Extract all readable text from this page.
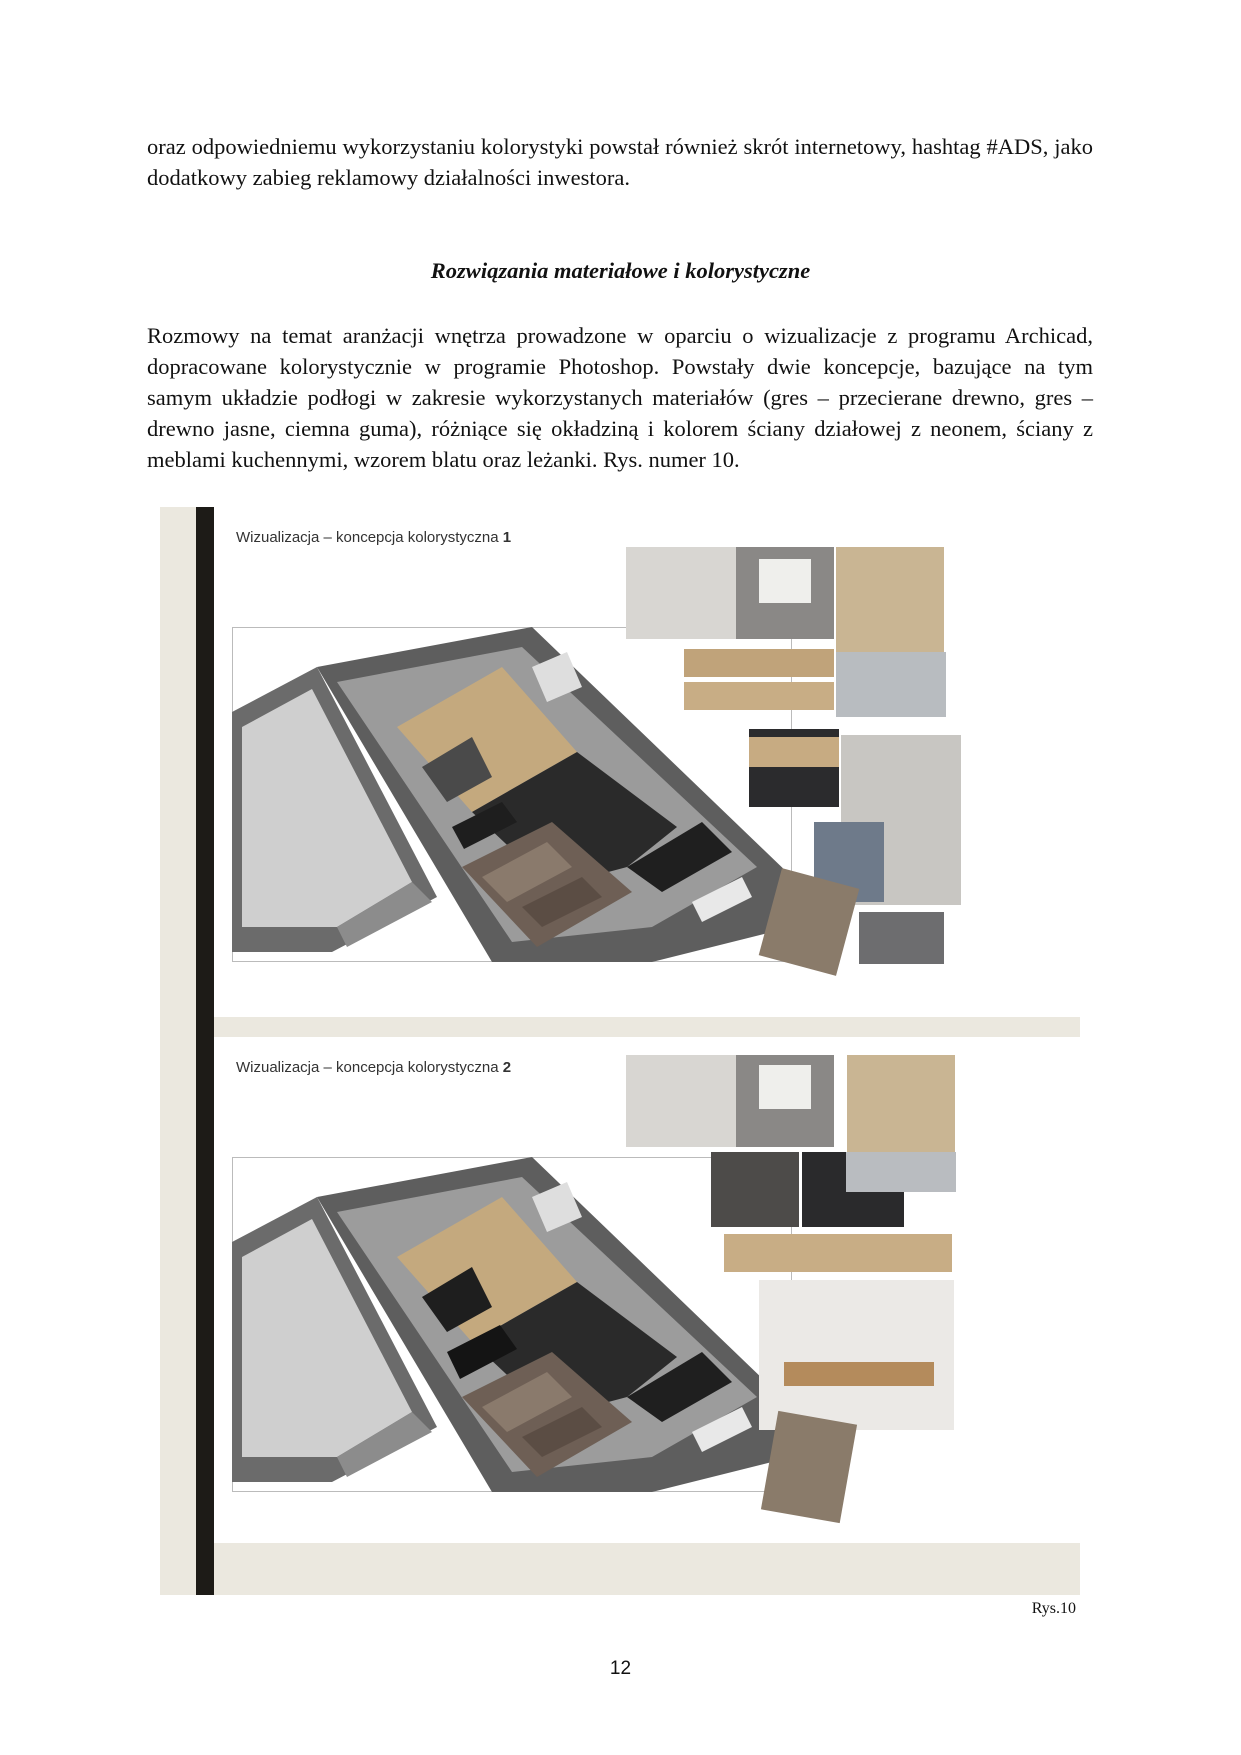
oraz odpowiedniemu wykorzystaniu kolorystyki powstał również skrót internetowy, hashtag #ADS, jako dodatkowy zabieg reklamowy działalności inwestora.

Rozwiązania materiałowe i kolorystyczne

Rozmowy na temat aranżacji wnętrza prowadzone w oparciu o wizualizacje z programu Archicad, dopracowane kolorystycznie w programie Photoshop. Powstały dwie koncepcje, bazujące na tym samym układzie podłogi w zakresie wykorzystanych materiałów (gres – przecierane drewno, gres – drewno jasne, ciemna guma), różniące się okładziną i kolorem ściany działowej z neonem, ściany z meblami kuchennymi, wzorem blatu oraz leżanki. Rys. numer 10.

Wizualizacja – koncepcja kolorystyczna 1

Wizualizacja – koncepcja kolorystyczna 2

Rys.10

12
